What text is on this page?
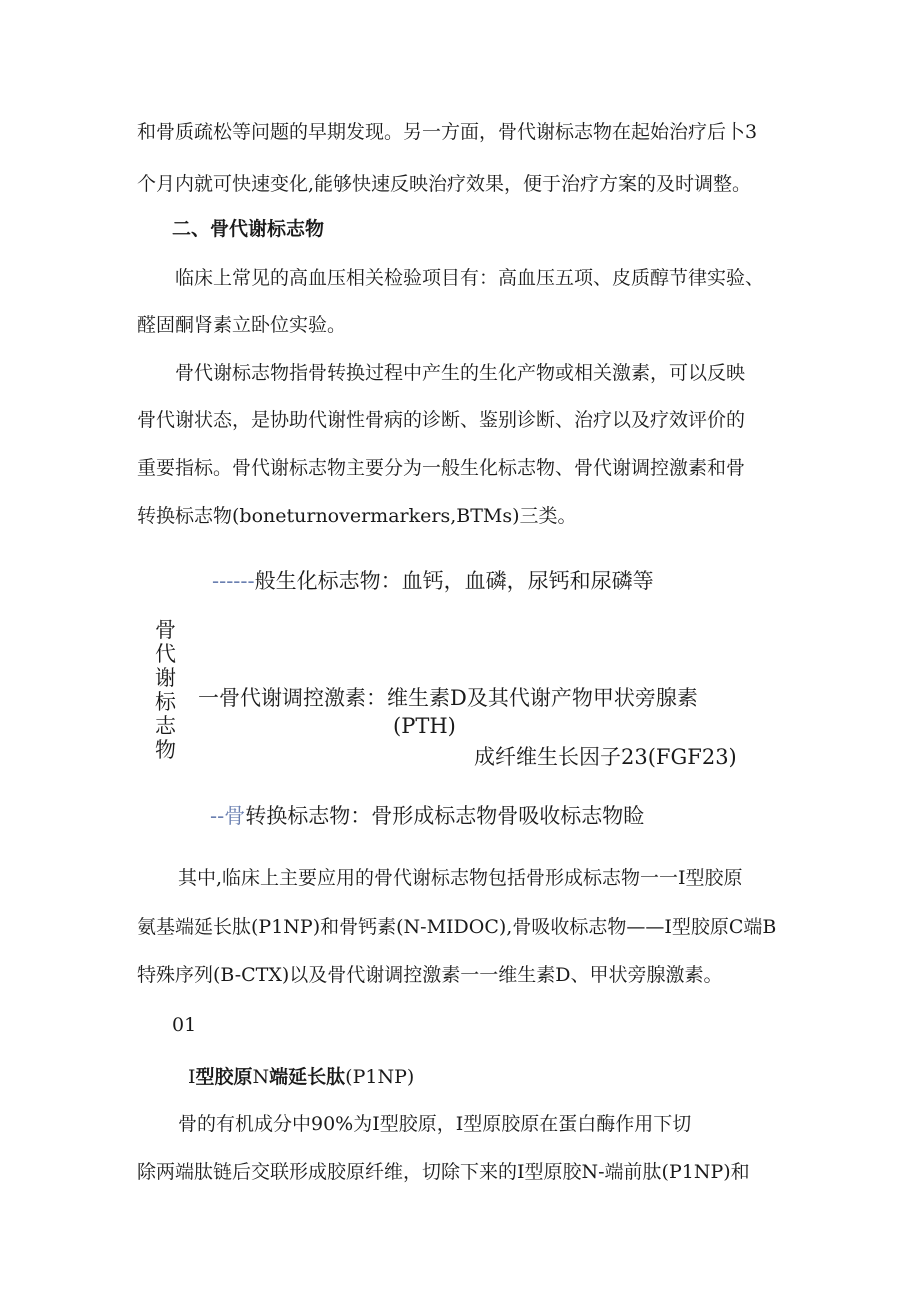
和骨质疏松等问题的早期发现。另一方面，骨代谢标志物在起始治疗后卜3
个月内就可快速变化,能够快速反映治疗效果，便于治疗方案的及时调整。
二、骨代谢标志物
临床上常见的高血压相关检验项目有：高血压五项、皮质醇节律实验、
醛固酮肾素立卧位实验。
骨代谢标志物指骨转换过程中产生的生化产物或相关激素，可以反映
骨代谢状态，是协助代谢性骨病的诊断、鉴别诊断、治疗以及疗效评价的
重要指标。骨代谢标志物主要分为一般生化标志物、骨代谢调控激素和骨
转换标志物(boneturnovermarkers,BTMs)三类。
------般生化标志物：血钙，血磷，尿钙和尿磷等
骨代谢标志物
一骨代谢调控激素：维生素D及其代谢产物甲状旁腺素
(PTH)
成纤维生长因子23(FGF23)
--骨转换标志物：骨形成标志物骨吸收标志物睑
其中,临床上主要应用的骨代谢标志物包括骨形成标志物一一I型胶原
氨基端延长肽(P1NP)和骨钙素(N-MIDOC),骨吸收标志物——I型胶原C端B
特殊序列(B-CTX)以及骨代谢调控激素一一维生素D、甲状旁腺激素。
01
I型胶原N端延长肽(P1NP)
骨的有机成分中90%为I型胶原，I型原胶原在蛋白酶作用下切
除两端肽链后交联形成胶原纤维，切除下来的I型原胶N-端前肽(P1NP)和
